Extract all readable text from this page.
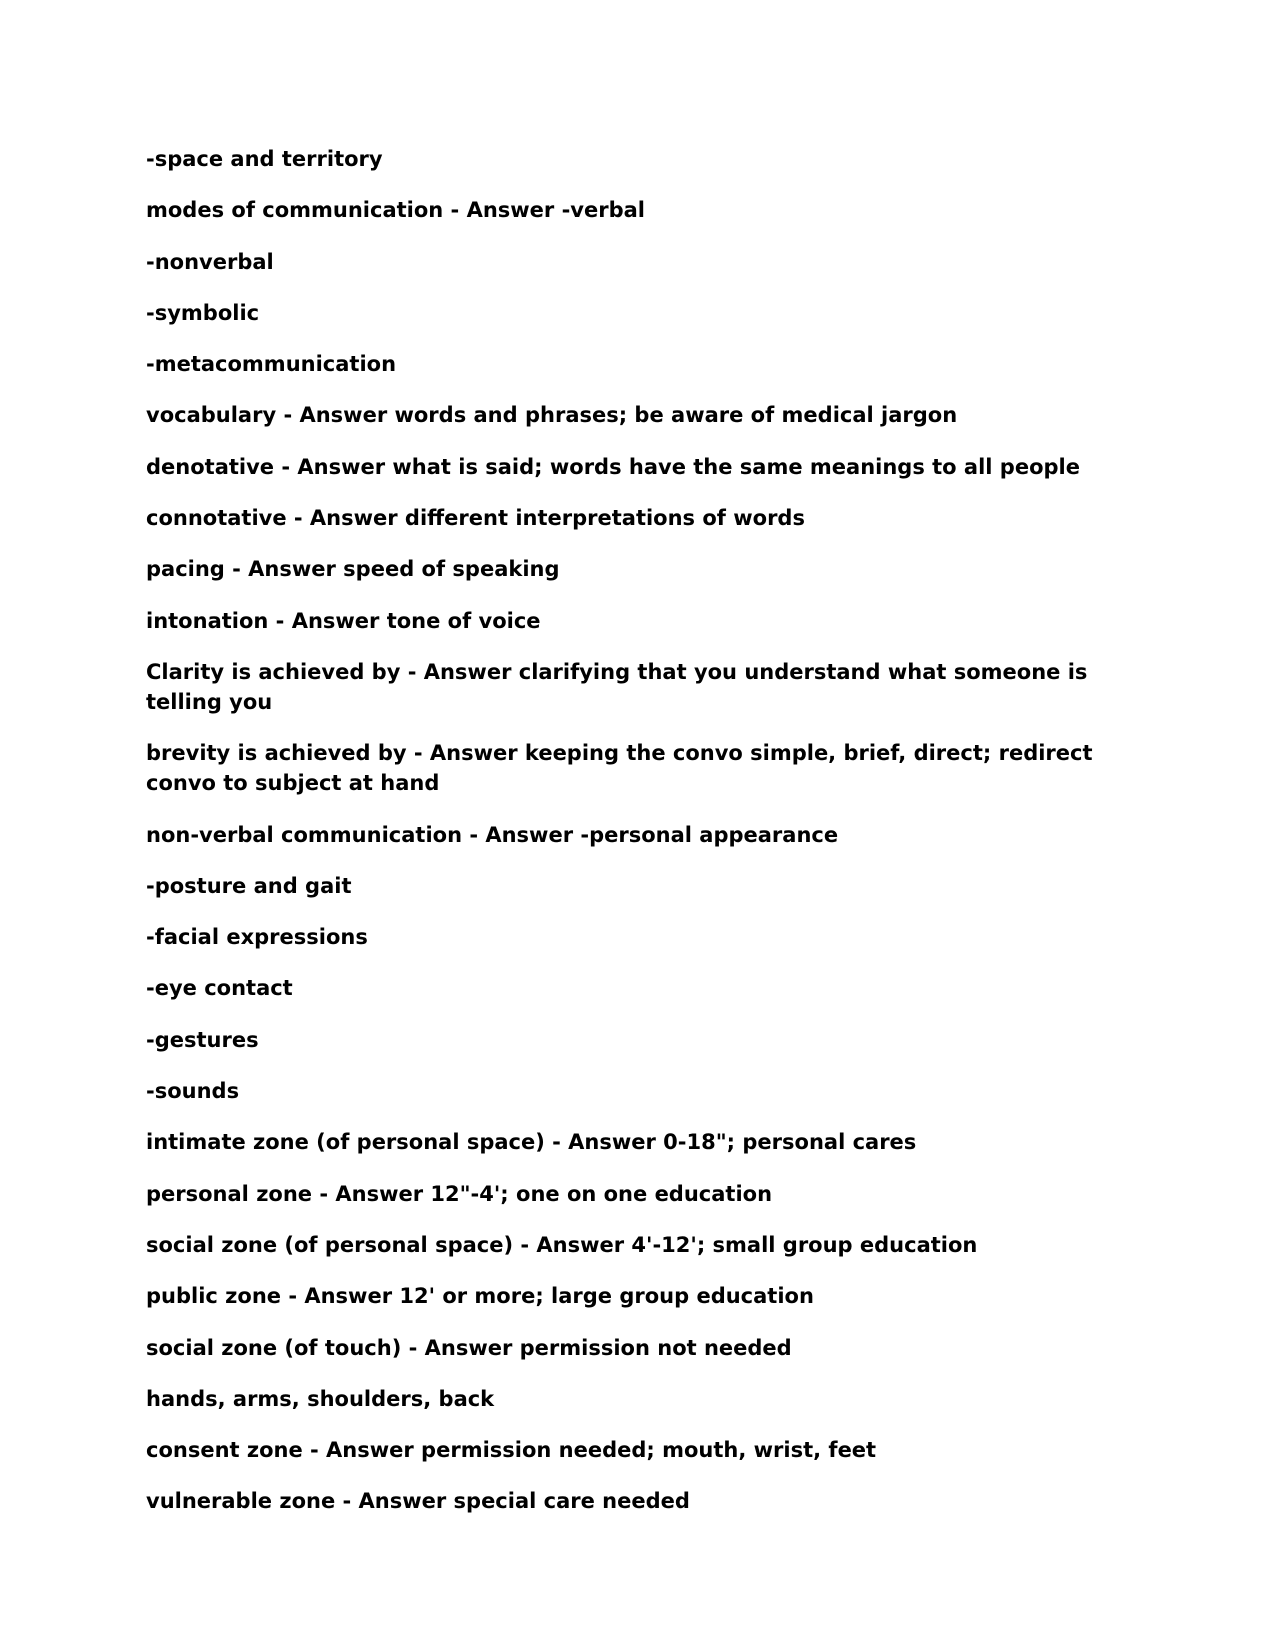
-space and territory
modes of communication - Answer -verbal
-nonverbal
-symbolic
-metacommunication
vocabulary - Answer words and phrases; be aware of medical jargon
denotative - Answer what is said; words have the same meanings to all people
connotative - Answer different interpretations of words
pacing - Answer speed of speaking
intonation - Answer tone of voice
Clarity is achieved by - Answer clarifying that you understand what someone is telling you
brevity is achieved by - Answer keeping the convo simple, brief, direct; redirect convo to subject at hand
non-verbal communication - Answer -personal appearance
-posture and gait
-facial expressions
-eye contact
-gestures
-sounds
intimate zone (of personal space) - Answer 0-18"; personal cares
personal zone - Answer 12"-4'; one on one education
social zone (of personal space) - Answer 4'-12'; small group education
public zone - Answer 12' or more; large group education
social zone (of touch) - Answer permission not needed
hands, arms, shoulders, back
consent zone - Answer permission needed; mouth, wrist, feet
vulnerable zone - Answer special care needed
